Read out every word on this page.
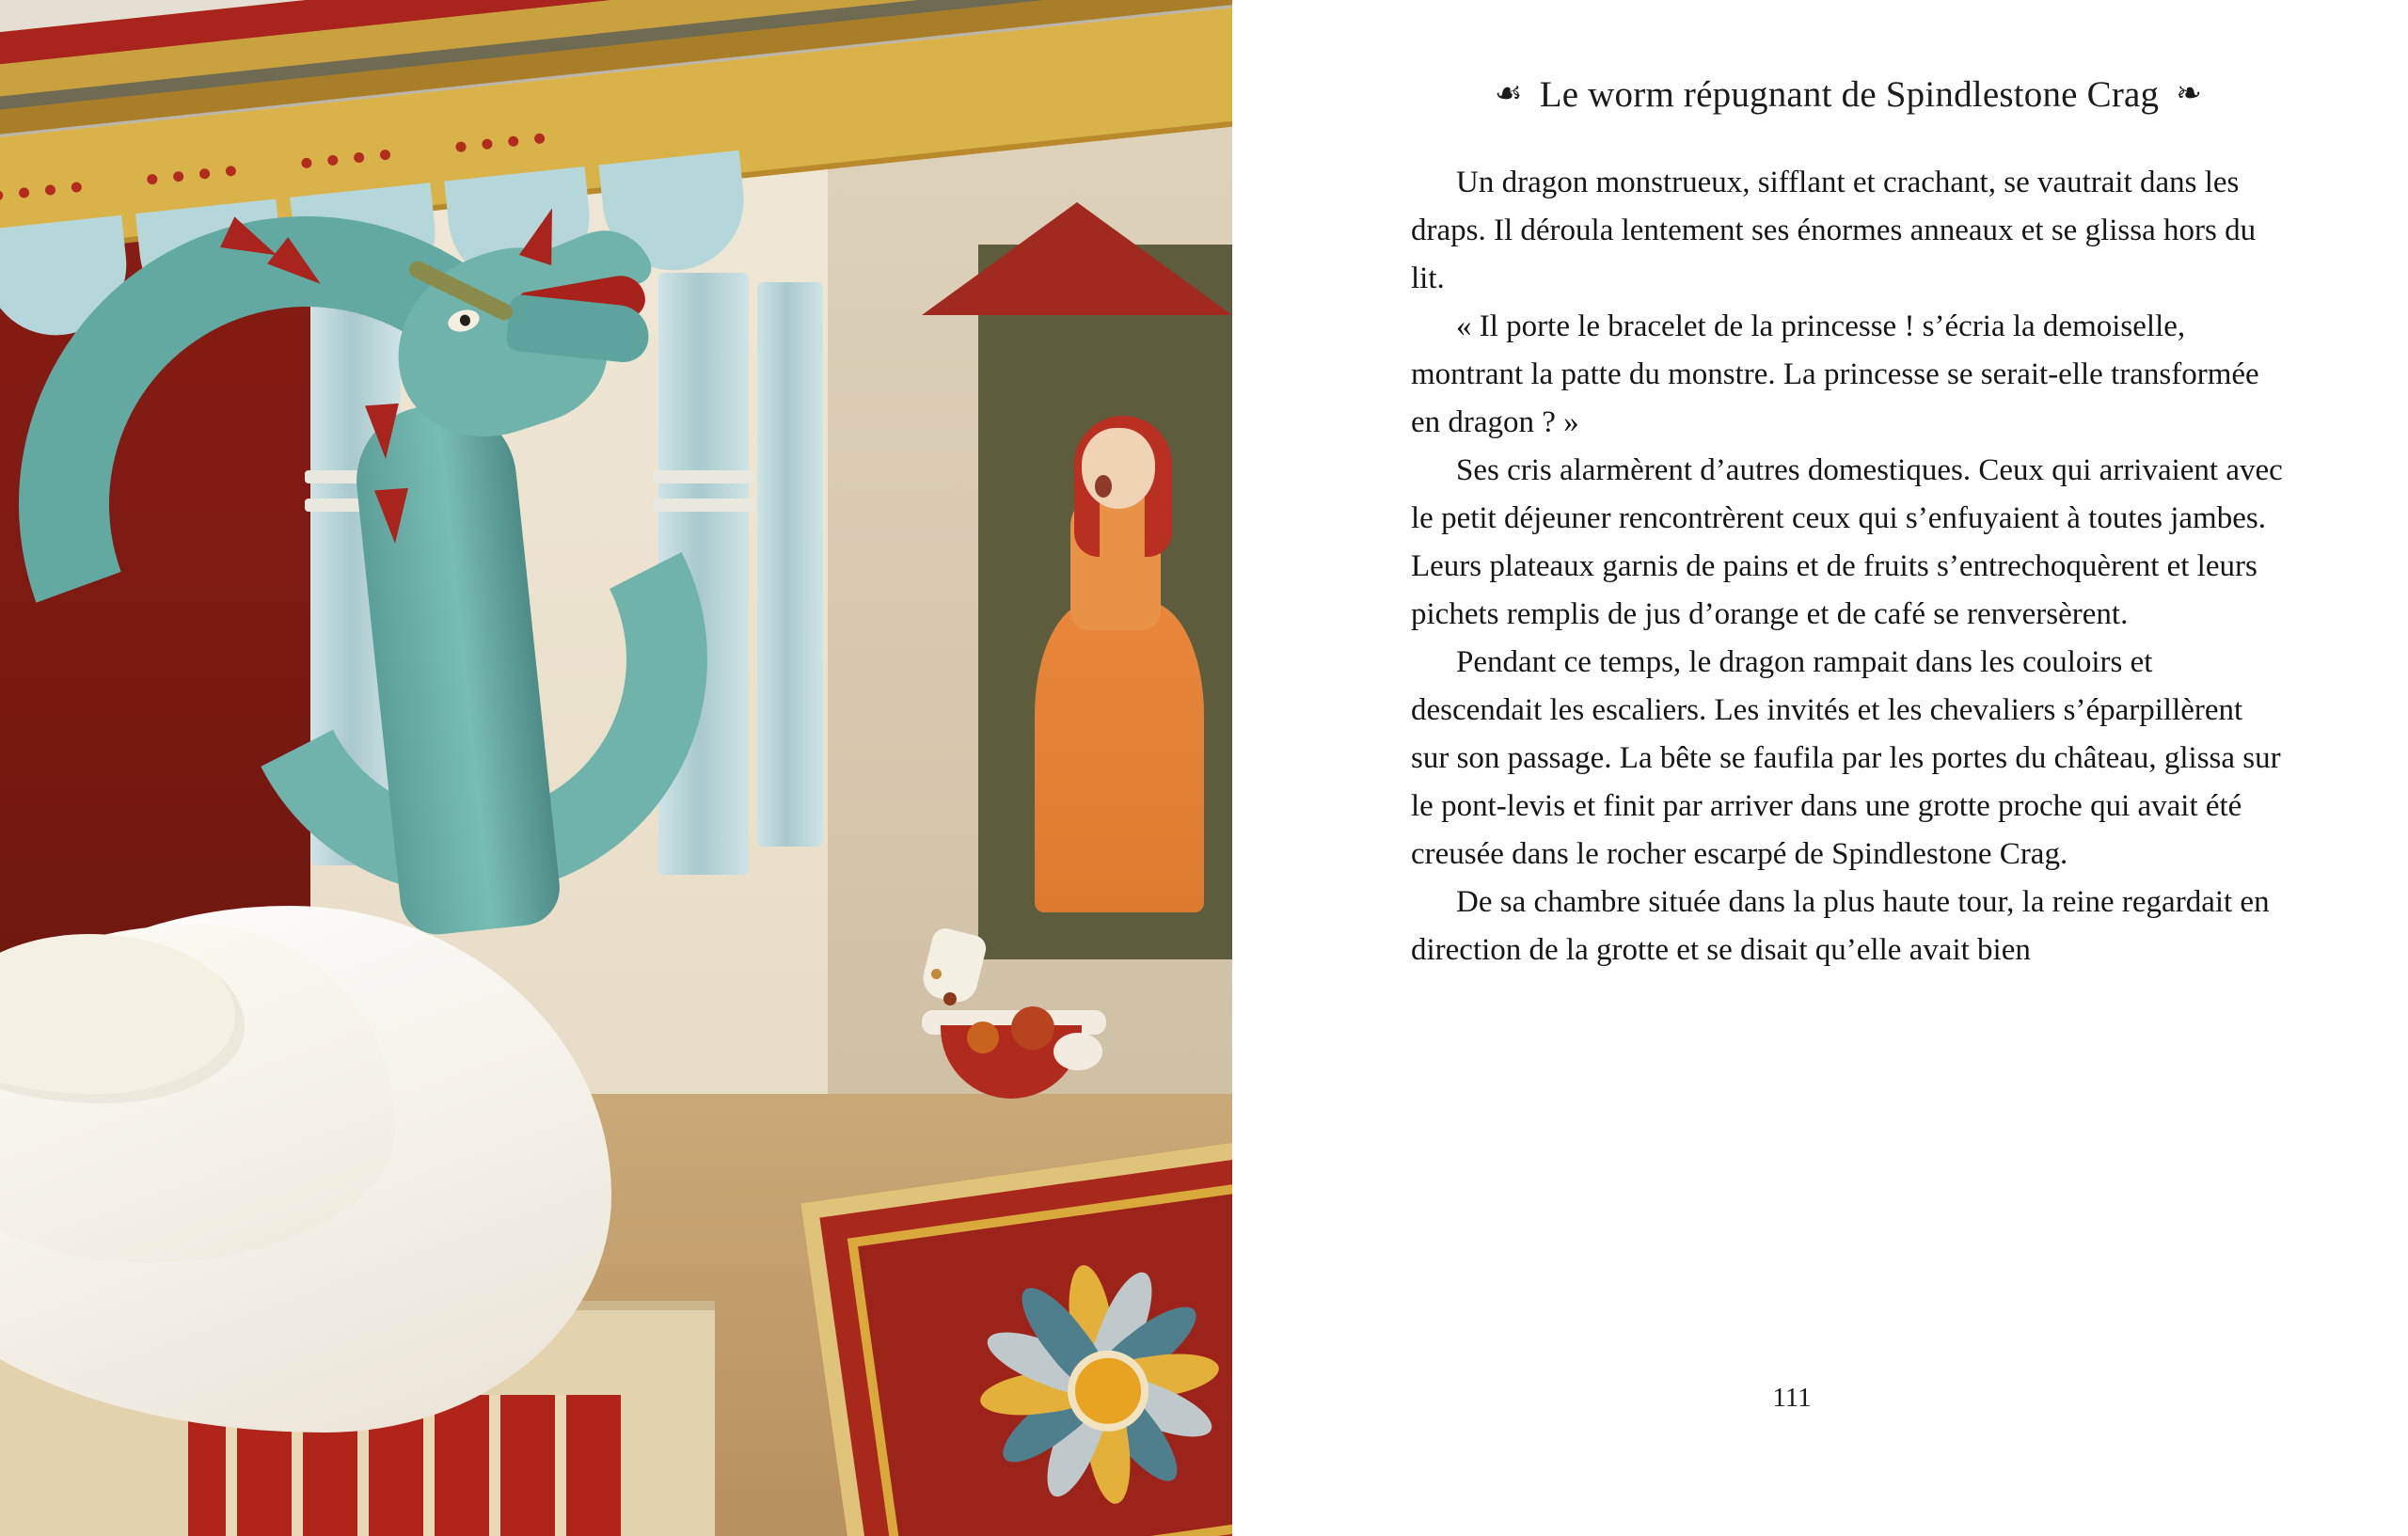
☙ Le worm répugnant de Spindlestone Crag ❧

Un dragon monstrueux, sifflant et crachant, se vautrait dans les draps. Il déroula lentement ses énormes anneaux et se glissa hors du lit.

« Il porte le bracelet de la princesse ! s’écria la demoiselle, montrant la patte du monstre. La princesse se serait-elle transformée en dragon ? »

Ses cris alarmèrent d’autres domestiques. Ceux qui arrivaient avec le petit déjeuner rencontrèrent ceux qui s’enfuyaient à toutes jambes. Leurs plateaux garnis de pains et de fruits s’entrechoquèrent et leurs pichets remplis de jus d’orange et de café se renversèrent.

Pendant ce temps, le dragon rampait dans les couloirs et descendait les escaliers. Les invités et les chevaliers s’éparpillèrent sur son passage. La bête se faufila par les portes du château, glissa sur le pont-levis et finit par arriver dans une grotte proche qui avait été creusée dans le rocher escarpé de Spindlestone Crag.

De sa chambre située dans la plus haute tour, la reine regardait en direction de la grotte et se disait qu’elle avait bien

111
